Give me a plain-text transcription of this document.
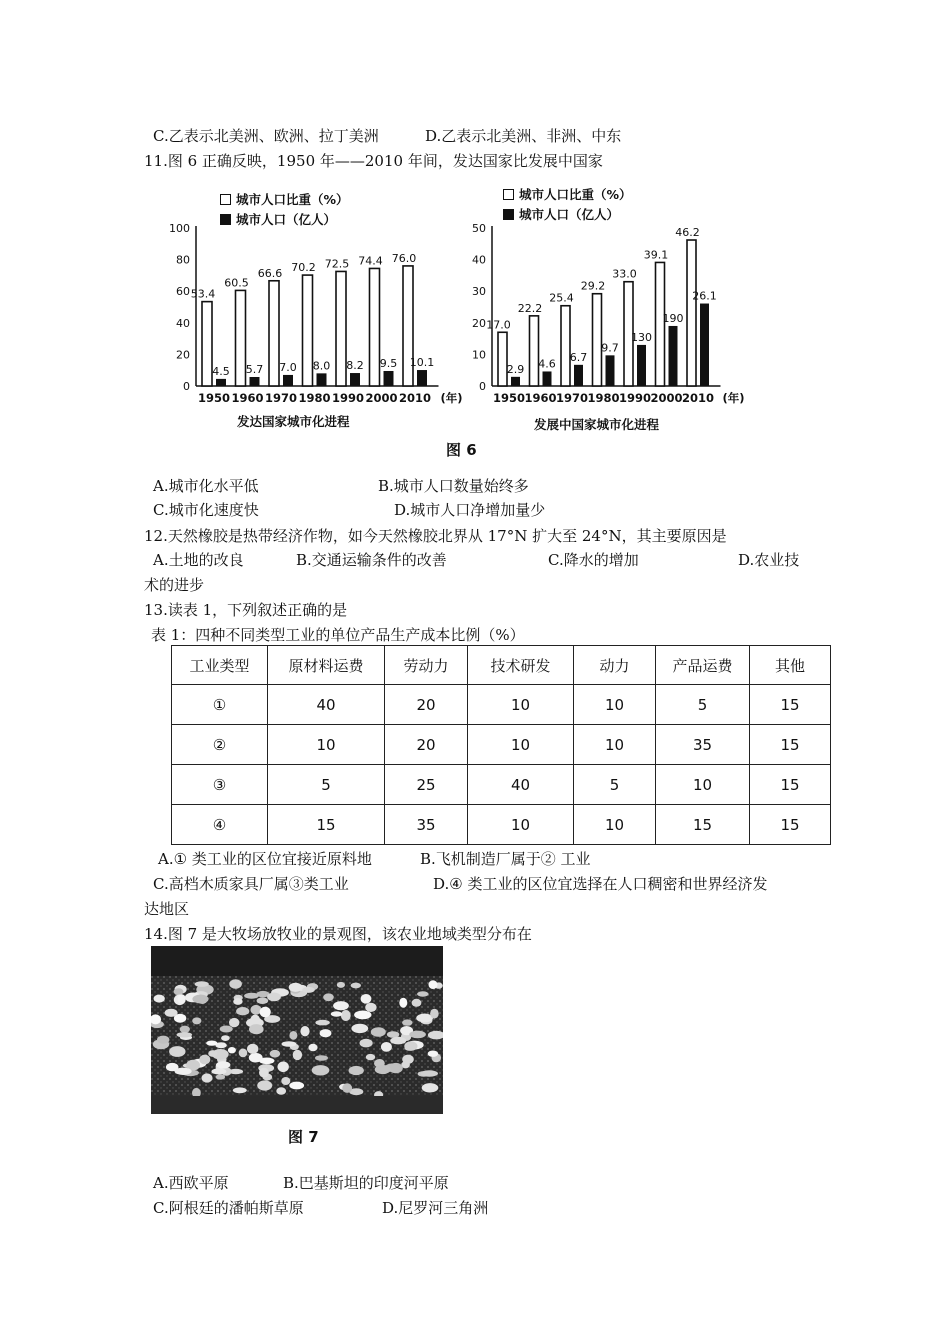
C.乙表示北美洲、欧洲、拉丁美洲	D.乙表示北美洲、非洲、中东
11.图 6 正确反映，1950 年——2010 年间，发达国家比发展中国家
城市人口比重（%）
城市人口（亿人）
城市人口比重（%）
城市人口（亿人）
0
20
40
60
80
100
53.4
4.5
1950
60.5
5.7
1960
66.6
7.0
1970
70.2
8.0
1980
72.5
8.2
1990
74.4
9.5
2000
76.0
10.1
2010 (年)
0
10
20
30
40
50
17.0
2.9
1950
22.2
4.6
1960
25.4
6.7
1970
29.2
9.7
1980
33.0
130
1990
39.1
190
2000
46.2
26.1
2010 (年)
发达国家城市化进程	发展中国家城市化进程
图 6
A.城市化水平低	B.城市人口数量始终多
C.城市化速度快	D.城市人口净增加量少
12.天然橡胶是热带经济作物，如今天然橡胶北界从 17°N 扩大至 24°N，其主要原因是
A.土地的改良	B.交通运输条件的改善	C.降水的增加	D.农业技
术的进步
13.读表 1，下列叙述正确的是
表 1：四种不同类型工业的单位产品生产成本比例（%）
工业类型	原材料运费	劳动力	技术研发	动力	产品运费	其他
①	40	20	10	10	5	15
②	10	20	10	10	35	15
③	5	25	40	5	10	15
④	15	35	10	10	15	15
A.① 类工业的区位宜接近原料地	B.飞机制造厂属于② 工业
C.高档木质家具厂属③类工业	D.④ 类工业的区位宜选择在人口稠密和世界经济发
达地区
14.图 7 是大牧场放牧业的景观图，该农业地域类型分布在
图 7
A.西欧平原	B.巴基斯坦的印度河平原
C.阿根廷的潘帕斯草原	D.尼罗河三角洲
